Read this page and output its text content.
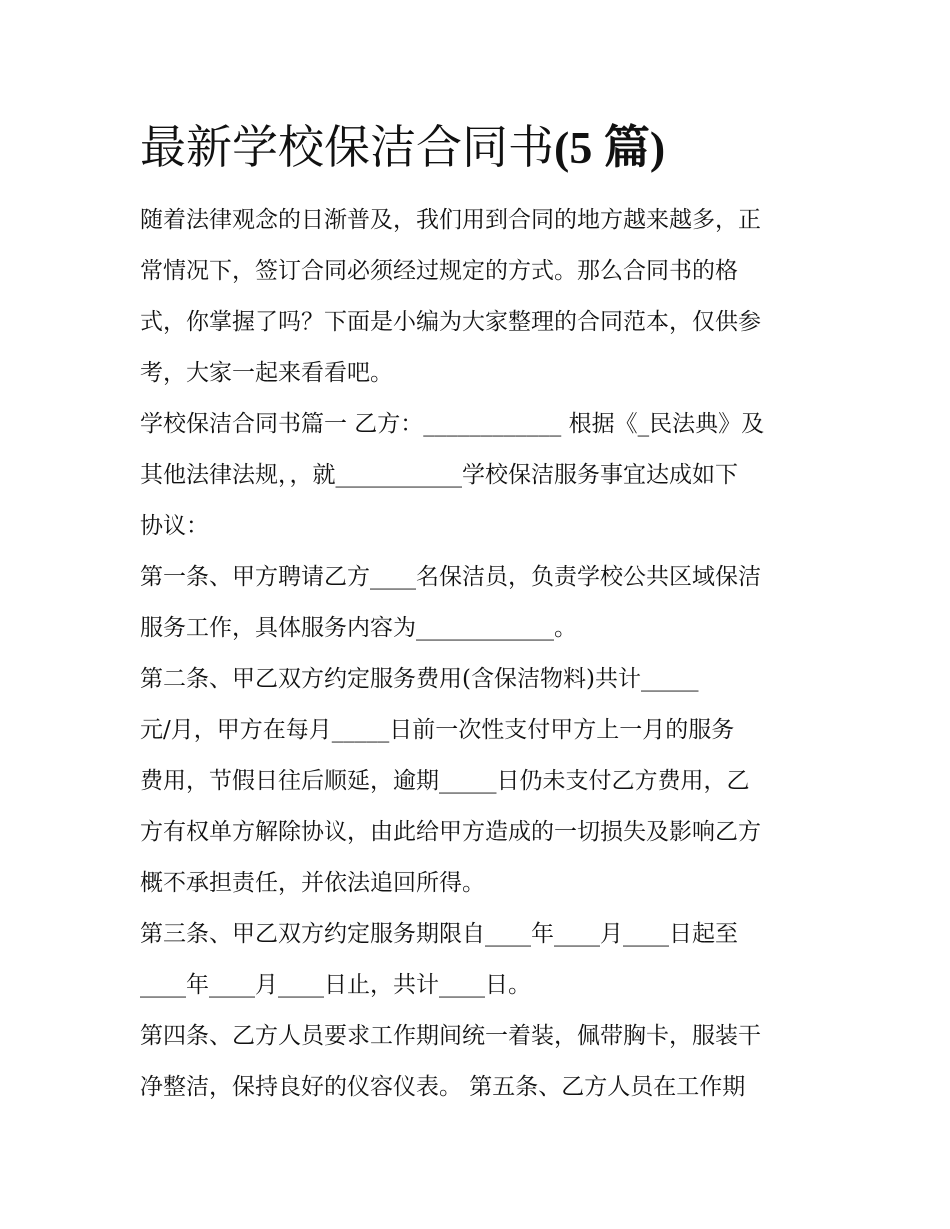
最新学校保洁合同书(5 篇)

随着法律观念的日渐普及，我们用到合同的地方越来越多，正

常情况下，签订合同必须经过规定的方式。那么合同书的格

式，你掌握了吗？下面是小编为大家整理的合同范本，仅供参

考，大家一起来看看吧。

学校保洁合同书篇一 乙方：____________ 根据《_民法典》及

其他法律法规，，就___________学校保洁服务事宜达成如下

协议：

第一条、甲方聘请乙方____名保洁员，负责学校公共区域保洁

服务工作，具体服务内容为____________。

第二条、甲乙双方约定服务费用(含保洁物料)共计_____

元/月，甲方在每月_____日前一次性支付甲方上一月的服务

费用，节假日往后顺延，逾期_____日仍未支付乙方费用，乙

方有权单方解除协议，由此给甲方造成的一切损失及影响乙方

概不承担责任，并依法追回所得。

第三条、甲乙双方约定服务期限自____年____月____日起至

____年____月____日止，共计____日。

第四条、乙方人员要求工作期间统一着装，佩带胸卡，服装干

净整洁，保持良好的仪容仪表。 第五条、乙方人员在工作期
